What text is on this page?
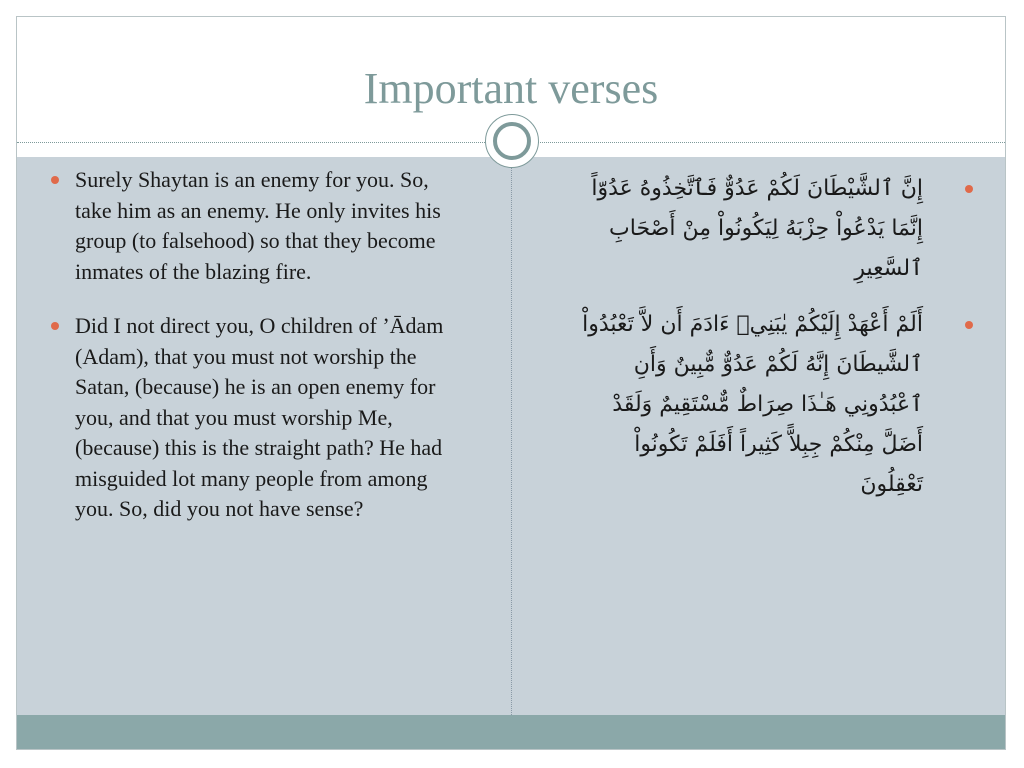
Important verses
Surely Shaytan is an enemy for you. So, take him as an enemy. He only invites his group (to falsehood) so that they become inmates of the blazing fire.
Did I not direct you, O children of ’Ādam (Adam), that you must not worship the Satan, (because) he is an open enemy for you, and that you must worship Me, (because) this is the straight path? He had misguided lot many people from among you. So, did you not have sense?
إِنَّ ٱلشَّيْطَانَ لَكُمْ عَدُوٌّ فَٱتَّخِذُوهُ عَدُوّاً إِنَّمَا يَدْعُواْ حِزْبَهُ لِيَكُونُواْ مِنْ أَصْحَابِ ٱلسَّعِيرِ
أَلَمْ أَعْهَدْ إِلَيْكُمْ يٰبَنِيۤ ءَادَمَ أَن لاَّ تَعْبُدُواْ ٱلشَّيطَانَ إِنَّهُ لَكُمْ عَدُوٌّ مٌّبِينٌ وَأَنِ ٱعْبُدُونِي هَـٰذَا صِرَاطٌ مٌّسْتَقِيمٌ وَلَقَدْ أَضَلَّ مِنْكُمْ جِبِلاًّ كَثِيراً أَفَلَمْ تَكُونُواْ تَعْقِلُونَ
